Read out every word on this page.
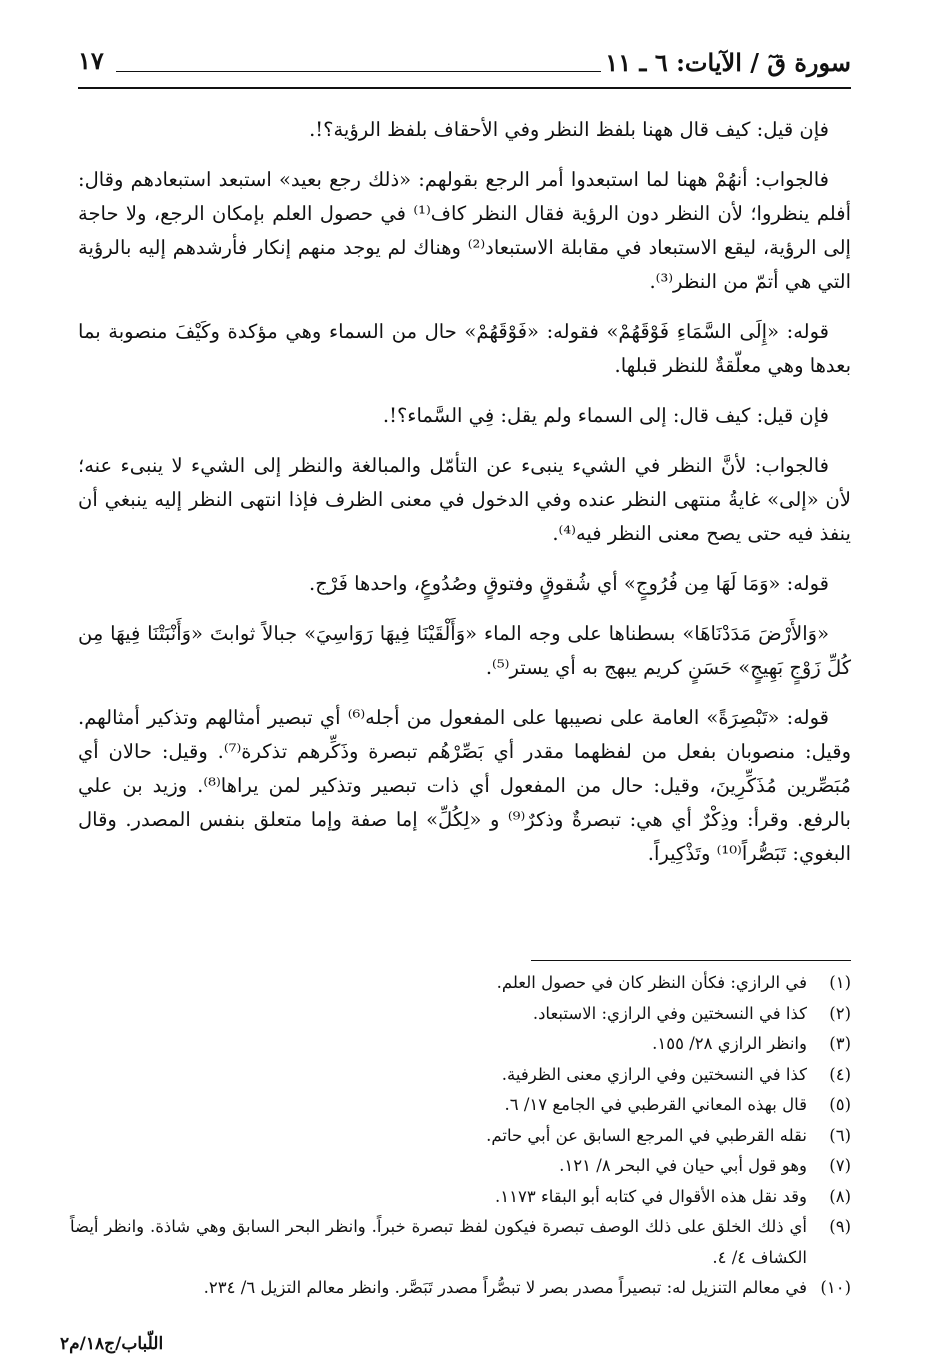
سورة قٓ / الآيات: ٦ ـ ١١
١٧

فإن قيل: كيف قال ههنا بلفظ النظر وفي الأحقاف بلفظ الرؤية؟!.

فالجواب: أنهُمْ ههنا لما استبعدوا أمر الرجع بقولهم: «ذلك رجع بعيد» استبعد استبعادهم وقال: أفلم ينظروا؛ لأن النظر دون الرؤية فقال النظر كاف⁽¹⁾ في حصول العلم بإمكان الرجع، ولا حاجة إلى الرؤية، ليقع الاستبعاد في مقابلة الاستبعاد⁽²⁾ وهناك لم يوجد منهم إنكار فأرشدهم إليه بالرؤية التي هي أتمّ من النظر⁽³⁾.

قوله: «إِلَى السَّمَاءِ فَوْقَهُمْ» فقوله: «فَوْقَهُمْ» حال من السماء وهي مؤكدة وكَيْفَ منصوبة بما بعدها وهي معلّقةٌ للنظر قبلها.

فإن قيل: كيف قال: إلى السماء ولم يقل: فِي السَّماء؟!.

فالجواب: لأنَّ النظر في الشيء ينبىء عن التأمّل والمبالغة والنظر إلى الشيء لا ينبىء عنه؛ لأن «إلى» غايةُ منتهى النظر عنده وفي الدخول في معنى الظرف فإذا انتهى النظر إليه ينبغي أن ينفذ فيه حتى يصح معنى النظر فيه⁽⁴⁾.

قوله: «وَمَا لَهَا مِن فُرُوجٍ» أي شُقوقٍ وفتوقٍ وصُدُوعٍ، واحدها فَرْج.

«وَالأَرْضَ مَدَدْنَاهَا» بسطناها على وجه الماء «وَأَلْقَيْنَا فِيهَا رَوَاسِيَ» جبالاً ثوابتَ «وَأَنْبَتْنَا فِيهَا مِن كُلِّ زَوْجٍ بَهِيجٍ» حَسَنٍ كريم يبهج به أي يستر⁽⁵⁾.

قوله: «تَبْصِرَةً» العامة على نصيبها على المفعول من أجله⁽⁶⁾ أي تبصير أمثالهم وتذكير أمثالهم. وقيل: منصوبان بفعل من لفظهما مقدر أي بَصِّرْهُم تبصرة وذَكِّرهم تذكرة⁽⁷⁾. وقيل: حالان أي مُبَصِّرين مُذَكِّرِينَ، وقيل: حال من المفعول أي ذات تبصير وتذكير لمن يراها⁽⁸⁾. وزيد بن علي بالرفع. وقرأ: وذِكْرٌ أي هي: تبصرةٌ وذكرٌ⁽⁹⁾ و «لِكُلِّ» إما صفة وإما متعلق بنفس المصدر. وقال البغوي: تَبَصُّراً⁽¹⁰⁾ وتَذْكِيراً.

(١)
في الرازي: فكأن النظر كان في حصول العلم.
(٢)
كذا في النسختين وفي الرازي: الاستبعاد.
(٣)
وانظر الرازي ٢٨/ ١٥٥.
(٤)
كذا في النسختين وفي الرازي معنى الظرفية.
(٥)
قال بهذه المعاني القرطبي في الجامع ١٧/ ٦.
(٦)
نقله القرطبي في المرجع السابق عن أبي حاتم.
(٧)
وهو قول أبي حيان في البحر ٨/ ١٢١.
(٨)
وقد نقل هذه الأقوال في كتابه أبو البقاء ١١٧٣.
(٩)
أي ذلك الخلق على ذلك الوصف تبصرة فيكون لفظ تبصرة خبراً. وانظر البحر السابق وهي شاذة. وانظر أيضاً الكشاف ٤/ ٤.
(١٠)
في معالم التنزيل له: تبصيراً مصدر بصر لا تبصُّراً مصدر تَبَصَّر. وانظر معالم التزيل ٦/ ٢٣٤.
اللّباب/ج١٨/م٢
